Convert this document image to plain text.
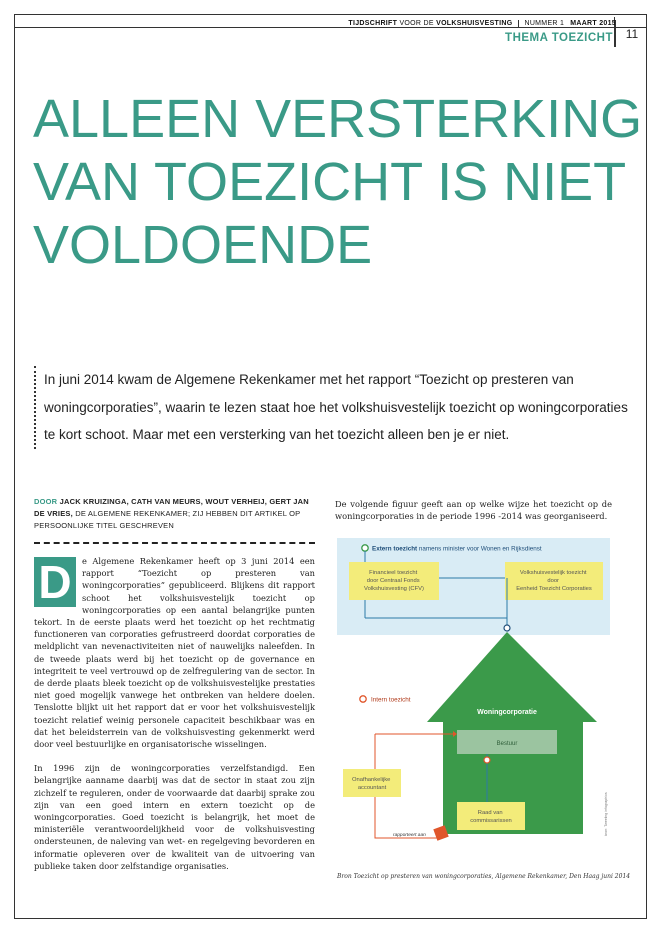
TIJDSCHRIFT VOOR DE VOLKSHUISVESTING	NUMMER 1 MAART 2015
11
THEMA TOEZICHT
ALLEEN VERSTERKING
VAN TOEZICHT IS NIET
VOLDOENDE
In juni 2014 kwam de Algemene Rekenkamer met het rapport “Toezicht op presteren van woningcorporaties”, waarin te lezen staat hoe het volkshuisvestelijk toezicht op woningcorporaties te kort schoot. Maar met een versterking van het toezicht alleen ben je er niet.
DOOR JACK KRUIZINGA, CATH VAN MEURS, WOUT VERHEIJ, GERT JAN DE VRIES, DE ALGEMENE REKENKAMER; ZIJ HEBBEN DIT ARTIKEL OP PERSOONLIJKE TITEL GESCHREVEN

D	e Algemene Rekenkamer heeft op 3 juni 2014 een rapport “Toezicht op presteren van woningcorporaties” gepubliceerd. Blijkens dit rapport schoot het volkshuisvestelijk toezicht op woningcorporaties op een aantal belangrijke punten tekort. In de eerste plaats werd het toezicht op het rechtmatig functioneren van corporaties gefrustreerd doordat corporaties de meldplicht van nevenactiviteiten niet of nauwelijks naleefden. In de tweede plaats werd bij het toezicht op de governance en integriteit te veel vertrouwd op de zelfregulering van de sector. In de derde plaats bleek toezicht op de volkshuisvestelijke prestaties niet goed mogelijk vanwege het ontbreken van heldere doelen. Tenslotte blijkt uit het rapport dat er voor het volkshuisvestelijk toezicht relatief weinig personele capaciteit beschikbaar was en dat het beleidsterrein van de volkshuisvesting gekenmerkt werd door veel bestuurlijke en organisatorische wisselingen.

In 1996 zijn de woningcorporaties verzelfstandigd. Een belangrijke aanname daarbij was dat de sector in staat zou zijn zichzelf te reguleren, onder de voorwaarde dat daarbij sprake zou zijn van een goed intern en extern toezicht op de woningcorporaties. Goed toezicht is belangrijk, het moet de ministeriële verantwoordelijkheid voor de volkshuisvesting ondersteunen, de naleving van wet- en regelgeving bevorderen en informatie opleveren over de kwaliteit van de uitvoering van publieke taken door zelfstandige organisaties.

De volgende figuur geeft aan op welke wijze het toezicht op de woningcorporaties in de periode 1996 -2014 was georganiseerd.

Extern toezicht namens minister voor Wonen en Rijksdienst
Financieel toezicht door Centraal Fonds Volkshuisvesting (CFV)
Volkshuisvestelijk toezicht door Eenheid Toezicht Corporaties
Woningcorporatie
Bestuur
Raad van commissarissen
Intern toezicht
Onafhankelijke accountant
rapporteert aan	bron: Tweeling infographics
Bron Toezicht op presteren van woningcorporaties, Algemene Rekenkamer, Den Haag juni 2014
